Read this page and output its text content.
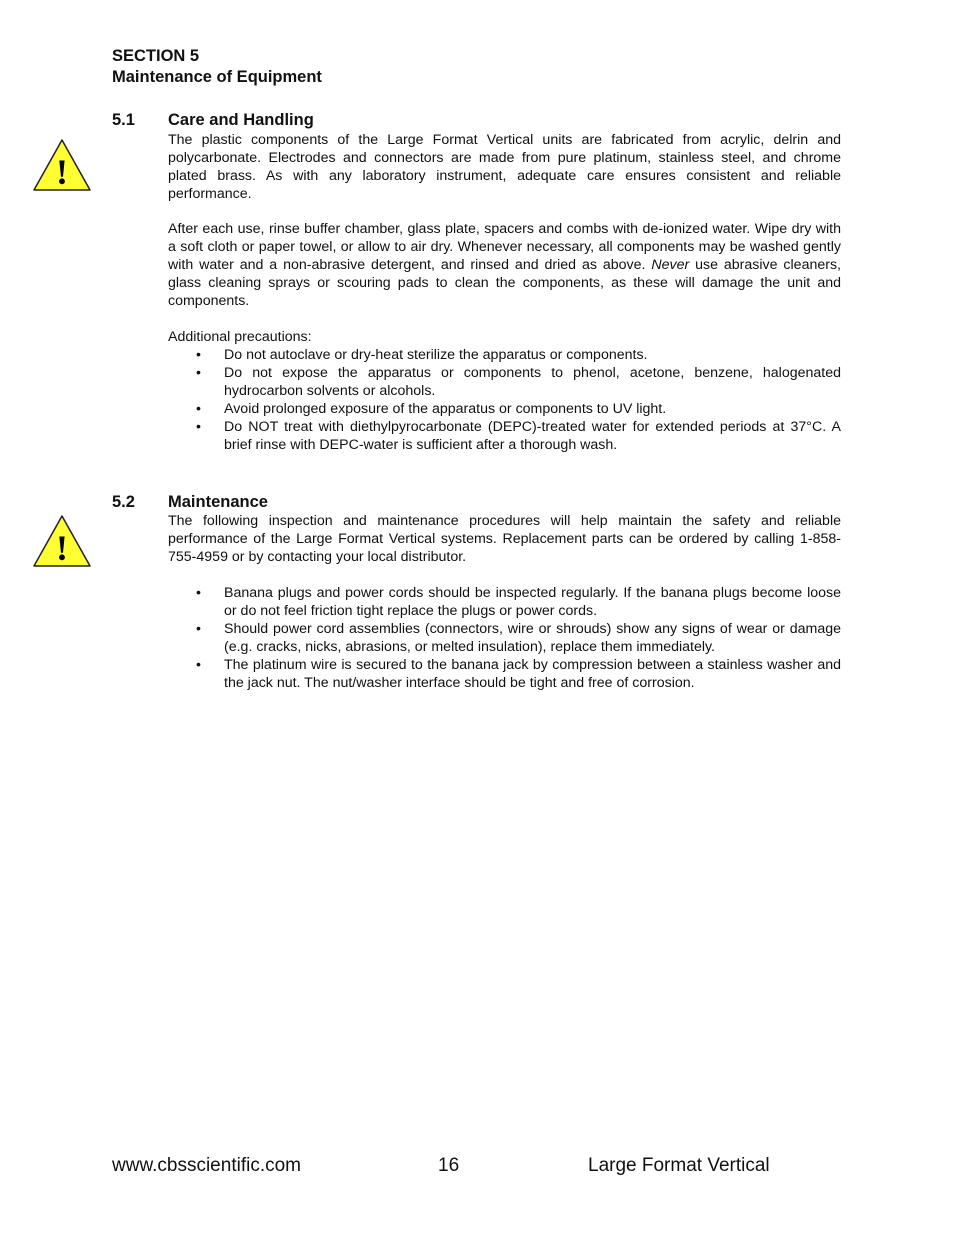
SECTION 5
Maintenance of Equipment
5.1 Care and Handling
!

The plastic components of the Large Format Vertical units are fabricated from acrylic, delrin and polycarbonate. Electrodes and connectors are made from pure platinum, stainless steel, and chrome plated brass. As with any laboratory instrument, adequate care ensures consistent and reliable performance.

After each use, rinse buffer chamber, glass plate, spacers and combs with de-ionized water. Wipe dry with a soft cloth or paper towel, or allow to air dry. Whenever necessary, all components may be washed gently with water and a non-abrasive detergent, and rinsed and dried as above. Never use abrasive cleaners, glass cleaning sprays or scouring pads to clean the components, as these will damage the unit and components.

Additional precautions:

• Do not autoclave or dry-heat sterilize the apparatus or components.
• Do not expose the apparatus or components to phenol, acetone, benzene, halogenated hydrocarbon solvents or alcohols.
• Avoid prolonged exposure of the apparatus or components to UV light.
• Do NOT treat with diethylpyrocarbonate (DEPC)-treated water for extended periods at 37°C. A brief rinse with DEPC-water is sufficient after a thorough wash.
5.2 Maintenance
!

The following inspection and maintenance procedures will help maintain the safety and reliable performance of the Large Format Vertical systems. Replacement parts can be ordered by calling 1-858-755-4959 or by contacting your local distributor.

• Banana plugs and power cords should be inspected regularly. If the banana plugs become loose or do not feel friction tight replace the plugs or power cords.
• Should power cord assemblies (connectors, wire or shrouds) show any signs of wear or damage (e.g. cracks, nicks, abrasions, or melted insulation), replace them immediately.
• The platinum wire is secured to the banana jack by compression between a stainless washer and the jack nut. The nut/washer interface should be tight and free of corrosion.
www.cbsscientific.com	16	Large Format Vertical
